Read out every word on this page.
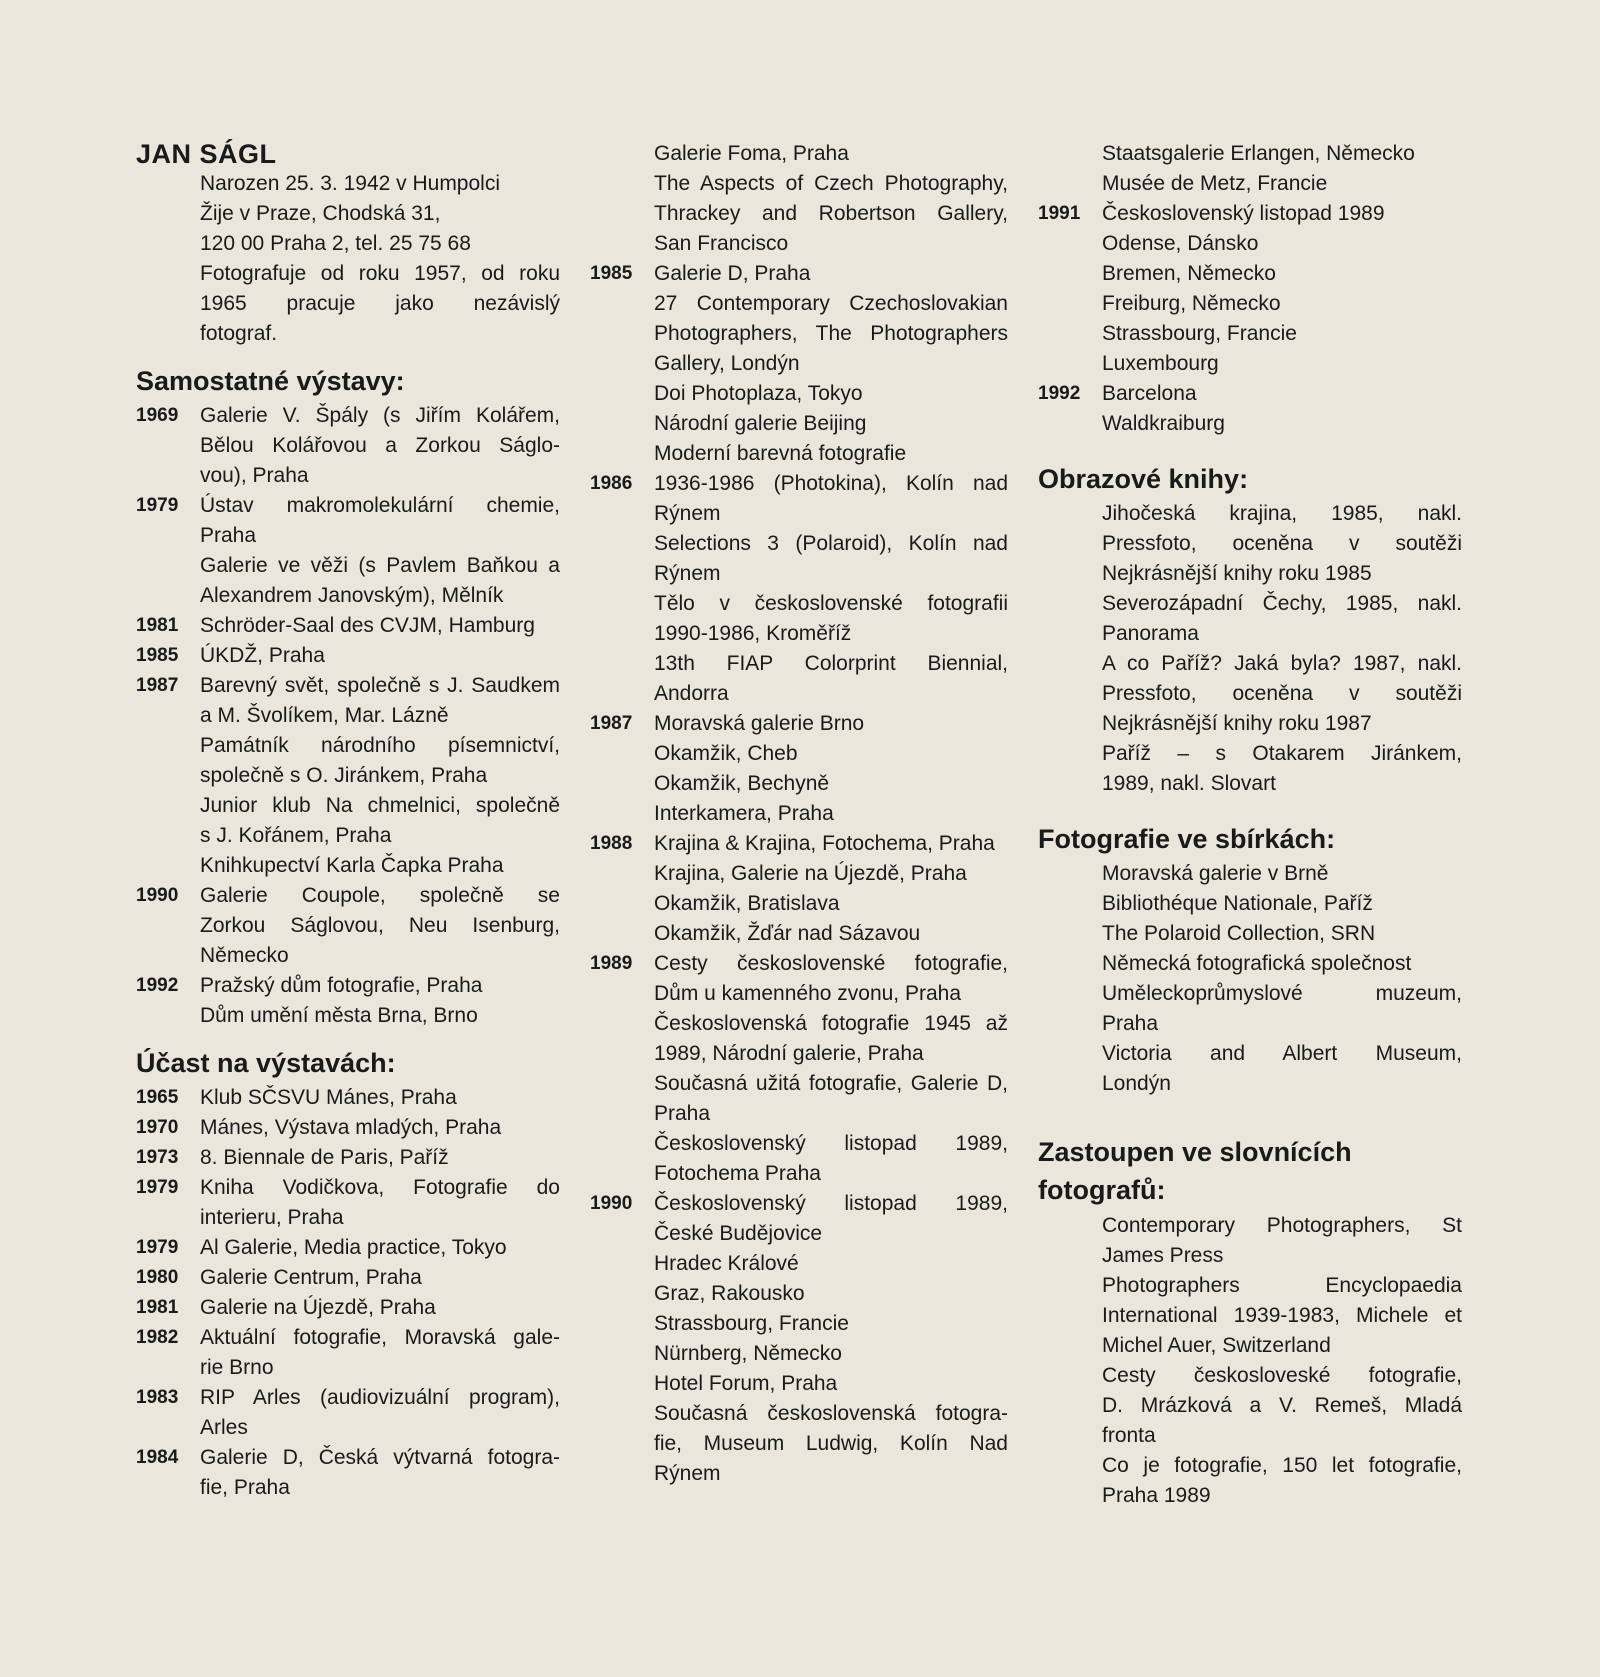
JAN SÁGL
Narozen 25. 3. 1942 v Humpolci
Žije v Praze, Chodská 31,
120 00 Praha 2, tel. 25 75 68
Fotografuje od roku 1957, od roku
1965 pracuje jako nezávislý
fotograf.
Samostatné výstavy:
1969	Galerie V. Špály (s Jiřím Kolářem,
Bělou Kolářovou a Zorkou Ságlo-
vou), Praha
1979	Ústav makromolekulární chemie,
Praha
Galerie ve věži (s Pavlem Baňkou a
Alexandrem Janovským), Mělník
1981	Schröder-Saal des CVJM, Hamburg
1985	ÚKDŽ, Praha
1987	Barevný svět, společně s J. Saudkem
a M. Švolíkem, Mar. Lázně
Památník národního písemnictví,
společně s O. Jiránkem, Praha
Junior klub Na chmelnici, společně
s J. Kořánem, Praha
Knihkupectví Karla Čapka Praha
1990	Galerie Coupole, společně se
Zorkou Ságlovou, Neu Isenburg,
Německo
1992	Pražský dům fotografie, Praha
Dům umění města Brna, Brno
Účast na výstavách:
1965	Klub SČSVU Mánes, Praha
1970	Mánes, Výstava mladých, Praha
1973	8. Biennale de Paris, Paříž
1979	Kniha Vodičkova, Fotografie do
interieru, Praha
1979	Al Galerie, Media practice, Tokyo
1980	Galerie Centrum, Praha
1981	Galerie na Újezdě, Praha
1982	Aktuální fotografie, Moravská gale-
rie Brno
1983	RIP Arles (audiovizuální program),
Arles
1984	Galerie D, Česká výtvarná fotogra-
fie, Praha
Galerie Foma, Praha
The Aspects of Czech Photography,
Thrackey and Robertson Gallery,
San Francisco
1985	Galerie D, Praha
27 Contemporary Czechoslovakian
Photographers, The Photographers
Gallery, Londýn
Doi Photoplaza, Tokyo
Národní galerie Beijing
Moderní barevná fotografie
1986	1936-1986 (Photokina), Kolín nad
Rýnem
Selections 3 (Polaroid), Kolín nad
Rýnem
Tělo v československé fotografii
1990-1986, Kroměříž
13th FIAP Colorprint Biennial,
Andorra
1987	Moravská galerie Brno
Okamžik, Cheb
Okamžik, Bechyně
Interkamera, Praha
1988	Krajina & Krajina, Fotochema, Praha
Krajina, Galerie na Újezdě, Praha
Okamžik, Bratislava
Okamžik, Žďár nad Sázavou
1989	Cesty československé fotografie,
Dům u kamenného zvonu, Praha
Československá fotografie 1945 až
1989, Národní galerie, Praha
Současná užitá fotografie, Galerie D,
Praha
Československý listopad 1989,
Fotochema Praha
1990	Československý listopad 1989,
České Budějovice
Hradec Králové
Graz, Rakousko
Strassbourg, Francie
Nürnberg, Německo
Hotel Forum, Praha
Současná československá fotogra-
fie, Museum Ludwig, Kolín Nad
Rýnem
Staatsgalerie Erlangen, Německo
Musée de Metz, Francie
1991	Československý listopad 1989
Odense, Dánsko
Bremen, Německo
Freiburg, Německo
Strassbourg, Francie
Luxembourg
1992	Barcelona
Waldkraiburg
Obrazové knihy:
Jihočeská krajina, 1985, nakl.
Pressfoto, oceněna v soutěži
Nejkrásnější knihy roku 1985
Severozápadní Čechy, 1985, nakl.
Panorama
A co Paříž? Jaká byla? 1987, nakl.
Pressfoto, oceněna v soutěži
Nejkrásnější knihy roku 1987
Paříž – s Otakarem Jiránkem,
1989, nakl. Slovart
Fotografie ve sbírkách:
Moravská galerie v Brně
Bibliothéque Nationale, Paříž
The Polaroid Collection, SRN
Německá fotografická společnost
Uměleckoprůmyslové muzeum,
Praha
Victoria and Albert Museum,
Londýn
Zastoupen ve slovnících
fotografů:
Contemporary Photographers, St
James Press
Photographers Encyclopaedia
International 1939-1983, Michele et
Michel Auer, Switzerland
Cesty českosloveské fotografie,
D. Mrázková a V. Remeš, Mladá
fronta
Co je fotografie, 150 let fotografie,
Praha 1989
